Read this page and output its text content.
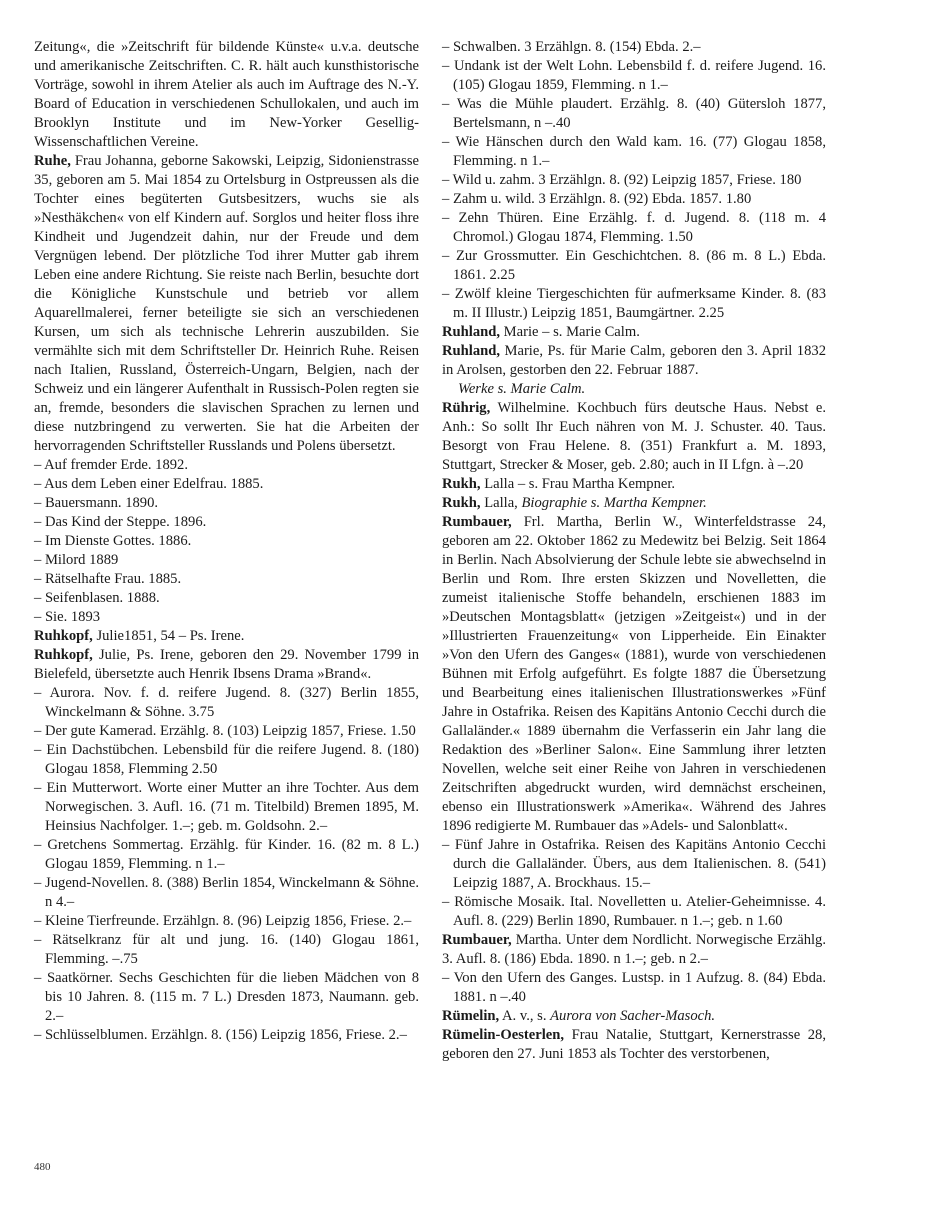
Zeitung«, die »Zeitschrift für bildende Künste« u.v.a. deutsche und amerikanische Zeitschriften. C. R. hält auch kunsthistorische Vorträge, sowohl in ihrem Atelier als auch im Auftrage des N.-Y. Board of Education in verschiedenen Schullokalen, und auch im Brooklyn Institute und im New-Yorker Gesellig-Wissenschaftlichen Vereine.

Ruhe, Frau Johanna, geborne Sakowski, Leipzig, Sidonienstrasse 35, geboren am 5. Mai 1854 zu Ortelsburg in Ostpreussen als die Tochter eines begüterten Gutsbesitzers, wuchs sie als »Nesthäkchen« von elf Kindern auf. Sorglos und heiter floss ihre Kindheit und Jugendzeit dahin, nur der Freude und dem Vergnügen lebend. Der plötzliche Tod ihrer Mutter gab ihrem Leben eine andere Richtung. Sie reiste nach Berlin, besuchte dort die Königliche Kunstschule und betrieb vor allem Aquarellmalerei, ferner beteiligte sie sich an verschiedenen Kursen, um sich als technische Lehrerin auszubilden. Sie vermählte sich mit dem Schriftsteller Dr. Heinrich Ruhe. Reisen nach Italien, Russland, Österreich-Ungarn, Belgien, nach der Schweiz und ein längerer Aufenthalt in Russisch-Polen regten sie an, fremde, besonders die slavischen Sprachen zu lernen und diese nutzbringend zu verwerten. Sie hat die Arbeiten der hervorragenden Schriftsteller Russlands und Polens übersetzt.

– Auf fremder Erde. 1892.

– Aus dem Leben einer Edelfrau. 1885.

– Bauersmann. 1890.

– Das Kind der Steppe. 1896.

– Im Dienste Gottes. 1886.

– Milord 1889

– Rätselhafte Frau. 1885.

– Seifenblasen. 1888.

– Sie. 1893

Ruhkopf, Julie1851, 54 – Ps. Irene.

Ruhkopf, Julie, Ps. Irene, geboren den 29. November 1799 in Bielefeld, übersetzte auch Henrik Ibsens Drama »Brand«.

– Aurora. Nov. f. d. reifere Jugend. 8. (327) Berlin 1855, Winckelmann & Söhne. 3.75

– Der gute Kamerad. Erzählg. 8. (103) Leipzig 1857, Friese. 1.50

– Ein Dachstübchen. Lebensbild für die reifere Jugend. 8. (180) Glogau 1858, Flemming 2.50

– Ein Mutterwort. Worte einer Mutter an ihre Tochter. Aus dem Norwegischen. 3. Aufl. 16. (71 m. Titelbild) Bremen 1895, M. Heinsius Nachfolger. 1.–; geb. m. Goldsohn. 2.–

– Gretchens Sommertag. Erzählg. für Kinder. 16. (82 m. 8 L.) Glogau 1859, Flemming. n 1.–

– Jugend-Novellen. 8. (388) Berlin 1854, Winckelmann & Söhne. n 4.–

– Kleine Tierfreunde. Erzählgn. 8. (96) Leipzig 1856, Friese. 2.–

– Rätselkranz für alt und jung. 16. (140) Glogau 1861, Flemming. –.75

– Saatkörner. Sechs Geschichten für die lieben Mädchen von 8 bis 10 Jahren. 8. (115 m. 7 L.) Dresden 1873, Naumann. geb. 2.–

– Schlüsselblumen. Erzählgn. 8. (156) Leipzig 1856, Friese. 2.–

– Schwalben. 3 Erzählgn. 8. (154) Ebda. 2.–

– Undank ist der Welt Lohn. Lebensbild f. d. reifere Jugend. 16. (105) Glogau 1859, Flemming. n 1.–

– Was die Mühle plaudert. Erzählg. 8. (40) Gütersloh 1877, Bertelsmann, n –.40

– Wie Hänschen durch den Wald kam. 16. (77) Glogau 1858, Flemming. n 1.–

– Wild u. zahm. 3 Erzählgn. 8. (92) Leipzig 1857, Friese. 180

– Zahm u. wild. 3 Erzählgn. 8. (92) Ebda. 1857. 1.80

– Zehn Thüren. Eine Erzählg. f. d. Jugend. 8. (118 m. 4 Chromol.) Glogau 1874, Flemming. 1.50

– Zur Grossmutter. Ein Geschichtchen. 8. (86 m. 8 L.) Ebda. 1861. 2.25

– Zwölf kleine Tiergeschichten für aufmerksame Kinder. 8. (83 m. II Illustr.) Leipzig 1851, Baumgärtner. 2.25

Ruhland, Marie – s. Marie Calm.

Ruhland, Marie, Ps. für Marie Calm, geboren den 3. April 1832 in Arolsen, gestorben den 22. Februar 1887.

Werke s. Marie Calm.

Rührig, Wilhelmine. Kochbuch fürs deutsche Haus. Nebst e. Anh.: So sollt Ihr Euch nähren von M. J. Schuster. 40. Taus. Besorgt von Frau Helene. 8. (351) Frankfurt a. M. 1893, Stuttgart, Strecker & Moser, geb. 2.80; auch in II Lfgn. à –.20

Rukh, Lalla – s. Frau Martha Kempner.

Rukh, Lalla, Biographie s. Martha Kempner.

Rumbauer, Frl. Martha, Berlin W., Winterfeldstrasse 24, geboren am 22. Oktober 1862 zu Medewitz bei Belzig. Seit 1864 in Berlin. Nach Absolvierung der Schule lebte sie abwechselnd in Berlin und Rom. Ihre ersten Skizzen und Novelletten, die zumeist italienische Stoffe behandeln, erschienen 1883 im »Deutschen Montagsblatt« (jetzigen »Zeitgeist«) und in der »Illustrierten Frauenzeitung« von Lipperheide. Ein Einakter »Von den Ufern des Ganges« (1881), wurde von verschiedenen Bühnen mit Erfolg aufgeführt. Es folgte 1887 die Übersetzung und Bearbeitung eines italienischen Illustrationswerkes »Fünf Jahre in Ostafrika. Reisen des Kapitäns Antonio Cecchi durch die Gallaländer.« 1889 übernahm die Verfasserin ein Jahr lang die Redaktion des »Berliner Salon«. Eine Sammlung ihrer letzten Novellen, welche seit einer Reihe von Jahren in verschiedenen Zeitschriften abgedruckt wurden, wird demnächst erscheinen, ebenso ein Illustrationswerk »Amerika«. Während des Jahres 1896 redigierte M. Rumbauer das »Adels- und Salonblatt«.

– Fünf Jahre in Ostafrika. Reisen des Kapitäns Antonio Cecchi durch die Gallaländer. Übers, aus dem Italienischen. 8. (541) Leipzig 1887, A. Brockhaus. 15.–

– Römische Mosaik. Ital. Novelletten u. Atelier-Geheimnisse. 4. Aufl. 8. (229) Berlin 1890, Rumbauer. n 1.–; geb. n 1.60

Rumbauer, Martha. Unter dem Nordlicht. Norwegische Erzählg. 3. Aufl. 8. (186) Ebda. 1890. n 1.–; geb. n 2.–

– Von den Ufern des Ganges. Lustsp. in 1 Aufzug. 8. (84) Ebda. 1881. n –.40

Rümelin, A. v., s. Aurora von Sacher-Masoch.

Rümelin-Oesterlen, Frau Natalie, Stuttgart, Kernerstrasse 28, geboren den 27. Juni 1853 als Tochter des verstorbenen,

480
